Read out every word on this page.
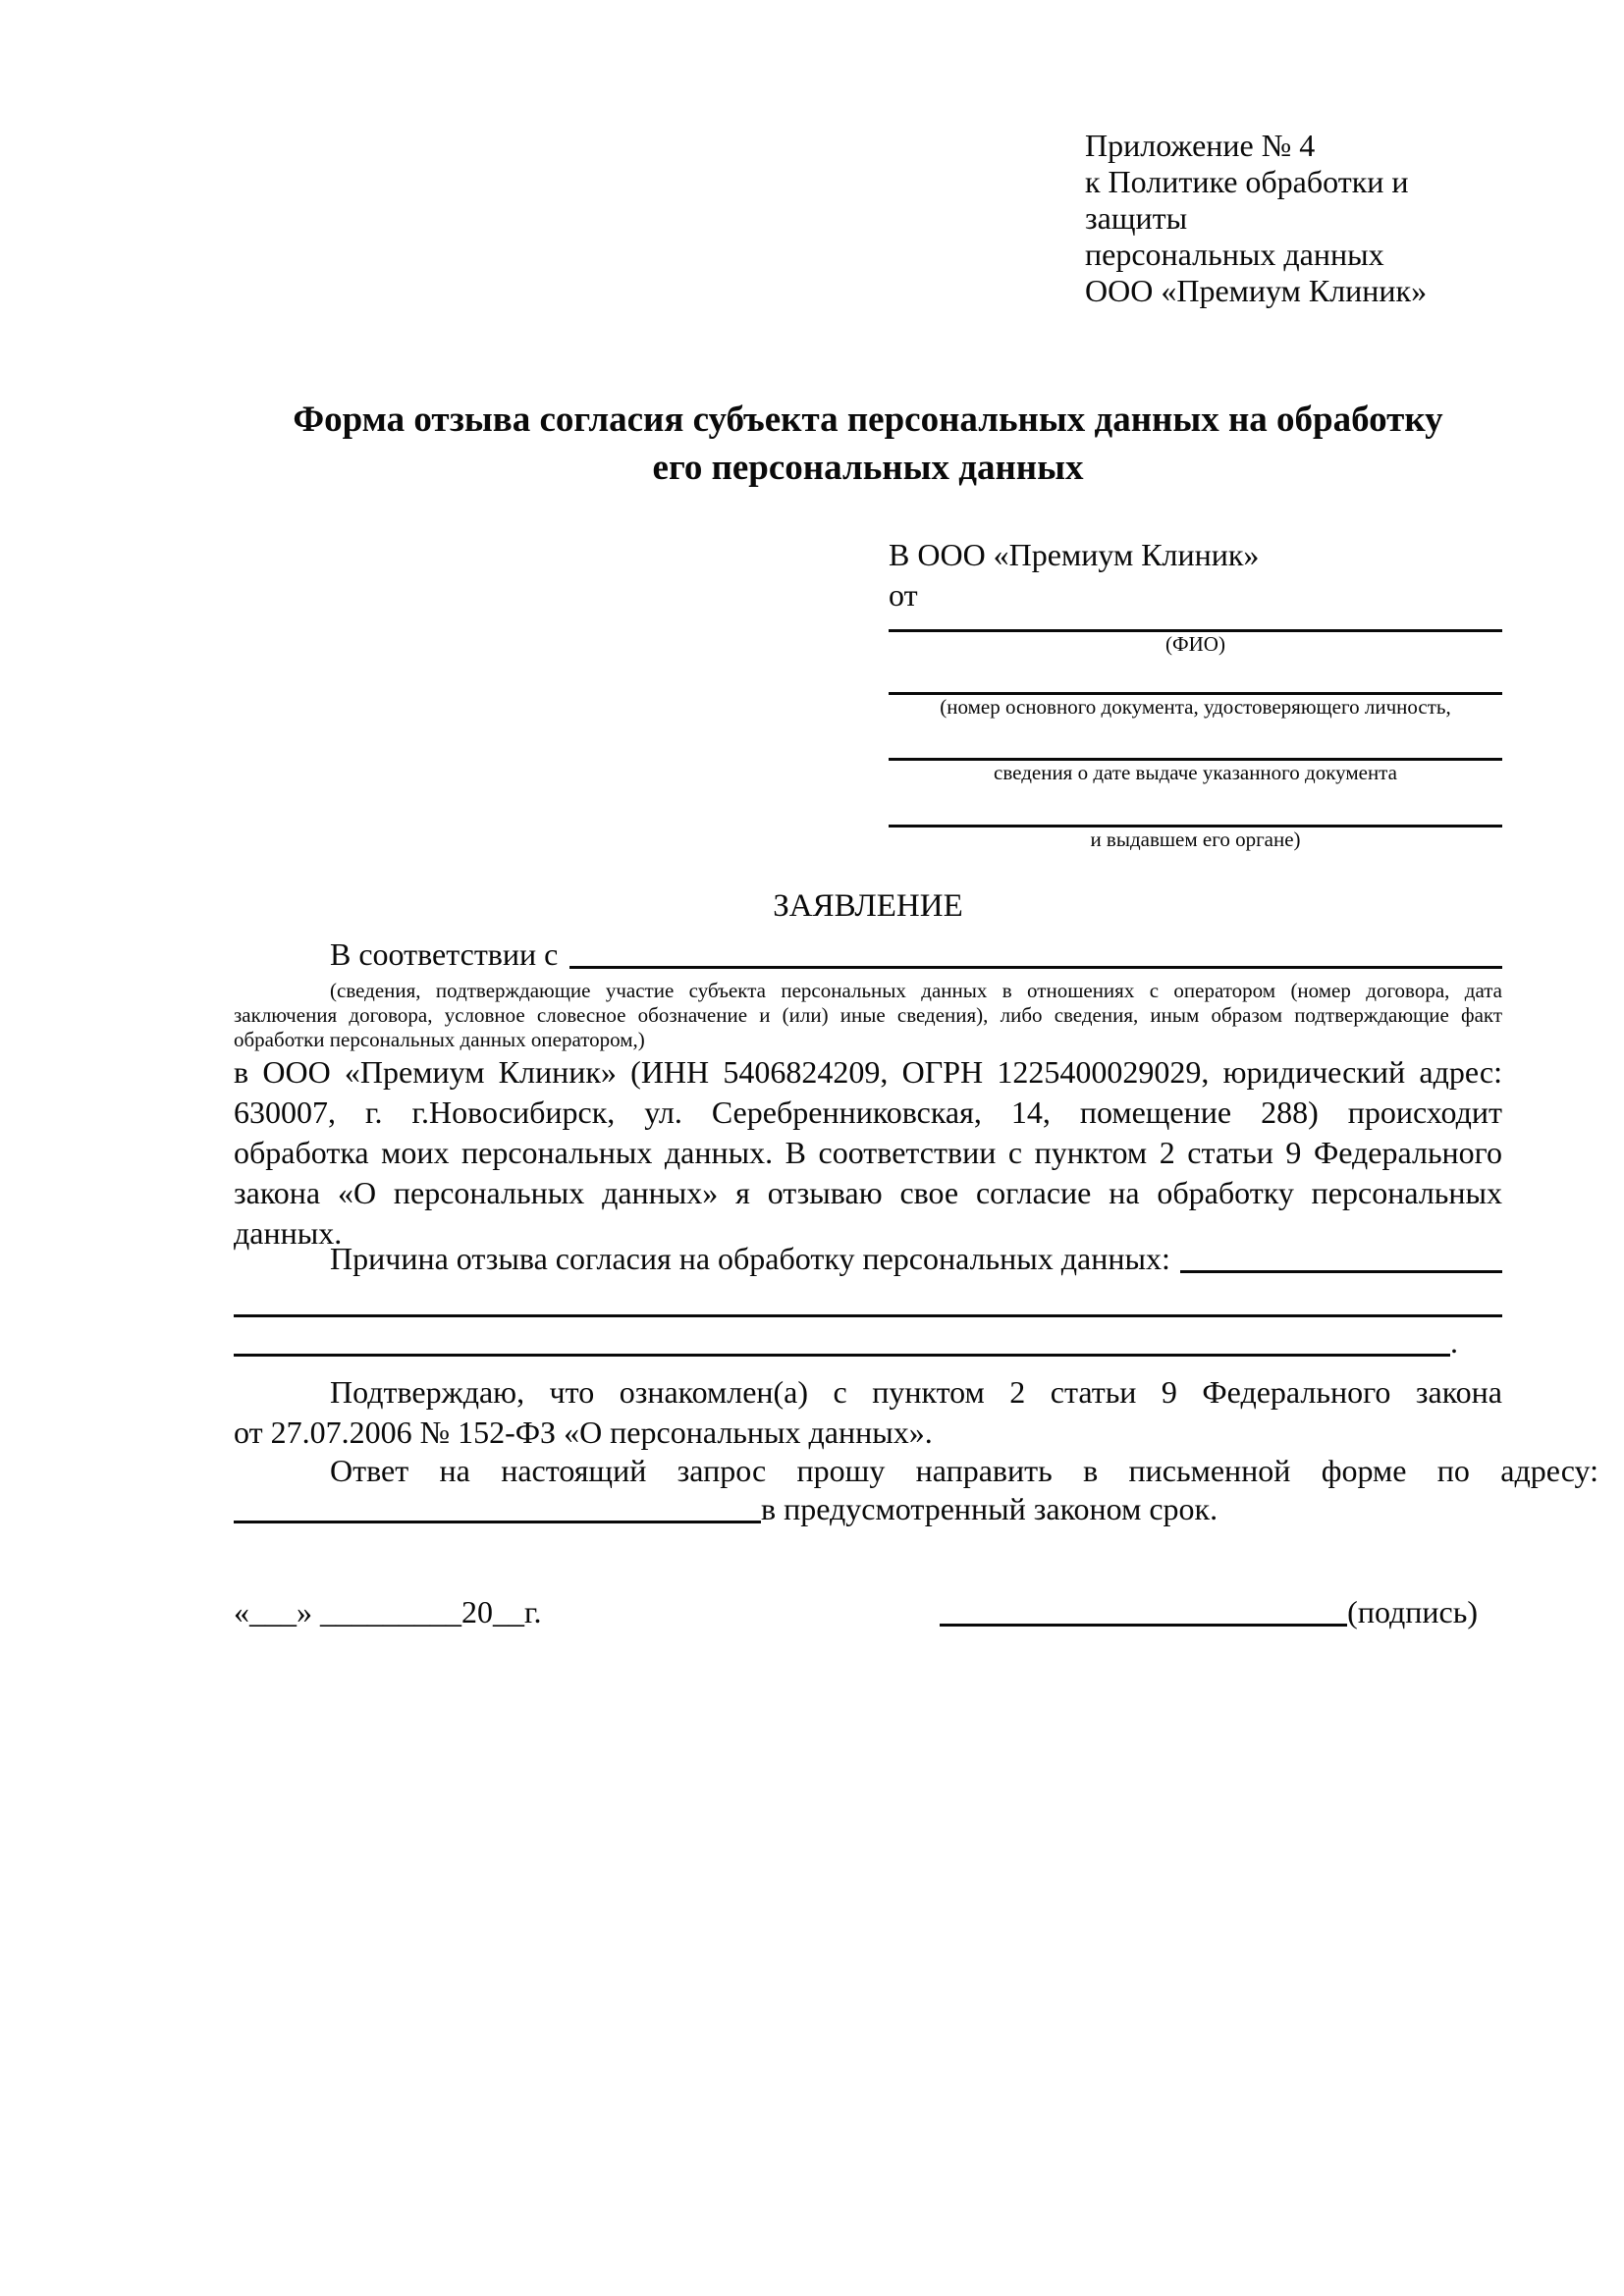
Приложение № 4
к Политике обработки и защиты
персональных данных
ООО «Премиум Клиник»
Форма отзыва согласия субъекта персональных данных на обработку
его персональных данных
В ООО «Премиум Клиник»
от
(ФИО)
(номер основного документа, удостоверяющего личность,
сведения о дате выдаче указанного документа
и выдавшем его органе)
ЗАЯВЛЕНИЕ
В соответствии с
(сведения, подтверждающие участие субъекта персональных данных в отношениях с оператором (номер договора, дата
заключения договора, условное словесное обозначение и (или) иные сведения), либо сведения, иным образом подтверждающие факт
обработки персональных данных оператором,)
в ООО «Премиум Клиник» (ИНН 5406824209, ОГРН 1225400029029, юридический адрес:
630007, г. г.Новосибирск, ул. Серебренниковская, 14, помещение 288) происходит
обработка моих персональных данных. В соответствии с пунктом 2 статьи 9 Федерального
закона «О персональных данных» я отзываю свое согласие на обработку персональных
данных.
Причина отзыва согласия на обработку персональных данных:
.
Подтверждаю, что ознакомлен(а) с пунктом 2 статьи 9 Федерального закона
от 27.07.2006 № 152-ФЗ «О персональных данных».
Ответ на настоящий запрос прошу направить в письменной форме по адресу:
в предусмотренный законом срок.
«___» _________20__г.	(подпись)
